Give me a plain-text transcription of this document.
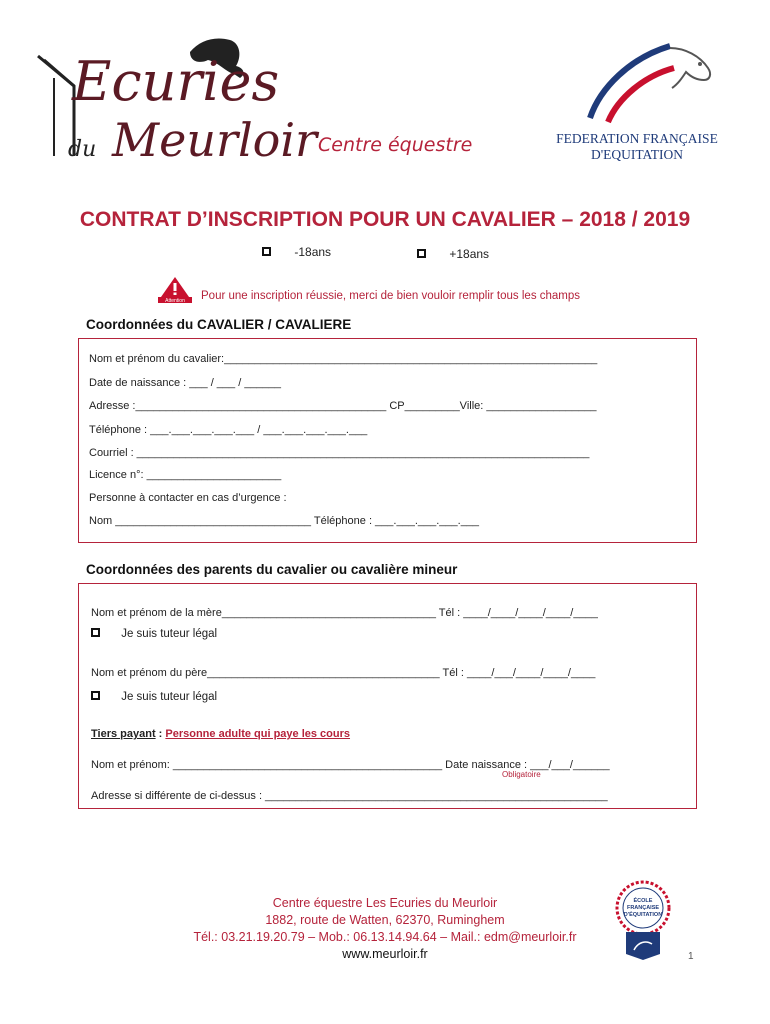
Ecuries
du Meurloir Centre équestre	FEDERATION FRANÇAISE
D'EQUITATION
CONTRAT D’INSCRIPTION POUR UN CAVALIER – 2018 / 2019
-18ans	+18ans
Attention Pour une inscription réussie, merci de bien vouloir remplir tous les champs
Coordonnées du CAVALIER / CAVALIERE
Nom et prénom du cavalier:_____________________________________________________________
Date de naissance : ___ / ___ / ______
Adresse :_________________________________________ CP_________Ville: __________________
Téléphone : ___.___.___.___.___ / ___.___.___.___.___
Courriel : __________________________________________________________________________
Licence n°: ______________________
Personne à contacter en cas d’urgence :
Nom ________________________________ Téléphone : ___.___.___.___.___
Coordonnées des parents du cavalier ou cavalière mineur
Nom et prénom de la mère___________________________________ Tél : ____/____/____/____/____
Je suis tuteur légal
Nom et prénom du père______________________________________ Tél : ____/___/____/____/____
Je suis tuteur légal
Tiers payant : Personne adulte qui paye les cours
Nom et prénom: ____________________________________________ Date naissance : ___/___/______
Obligatoire
Adresse si différente de ci-dessus : ________________________________________________________
Centre équestre Les Ecuries du Meurloir
1882, route de Watten, 62370, Ruminghem
Tél.: 03.21.19.20.79 – Mob.: 06.13.14.94.64 – Mail.: edm@meurloir.fr
www.meurloir.fr
ÉCOLE
FRANÇAISE
D'ÉQUITATION
1
